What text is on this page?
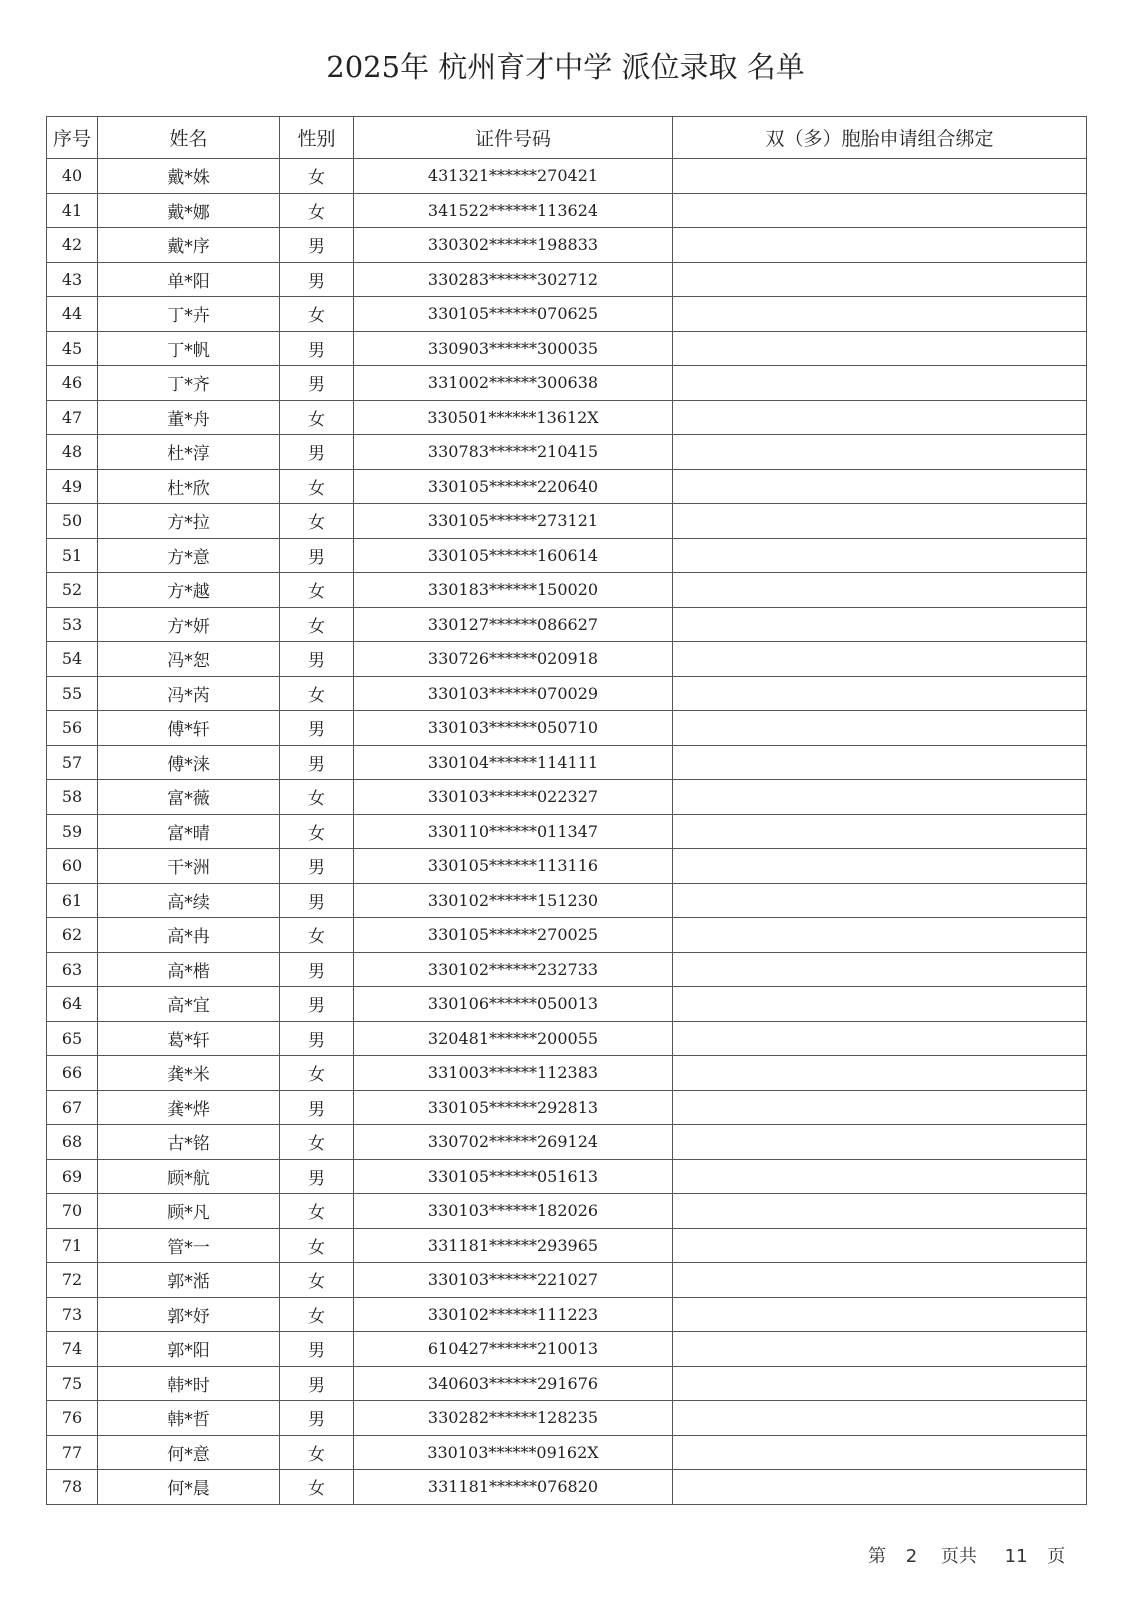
2025年 杭州育才中学 派位录取 名单
序号	姓名	性别	证件号码	双（多）胞胎申请组合绑定
40	戴*姝	女	431321******270421	
41	戴*娜	女	341522******113624	
42	戴*序	男	330302******198833	
43	单*阳	男	330283******302712	
44	丁*卉	女	330105******070625	
45	丁*帆	男	330903******300035	
46	丁*齐	男	331002******300638	
47	董*舟	女	330501******13612X	
48	杜*淳	男	330783******210415	
49	杜*欣	女	330105******220640	
50	方*拉	女	330105******273121	
51	方*意	男	330105******160614	
52	方*越	女	330183******150020	
53	方*妍	女	330127******086627	
54	冯*恕	男	330726******020918	
55	冯*芮	女	330103******070029	
56	傅*轩	男	330103******050710	
57	傅*涞	男	330104******114111	
58	富*薇	女	330103******022327	
59	富*晴	女	330110******011347	
60	干*洲	男	330105******113116	
61	高*续	男	330102******151230	
62	高*冉	女	330105******270025	
63	高*楷	男	330102******232733	
64	高*宜	男	330106******050013	
65	葛*轩	男	320481******200055	
66	龚*米	女	331003******112383	
67	龚*烨	男	330105******292813	
68	古*铭	女	330702******269124	
69	顾*航	男	330105******051613	
70	顾*凡	女	330103******182026	
71	管*一	女	331181******293965	
72	郭*湉	女	330103******221027	
73	郭*妤	女	330102******111223	
74	郭*阳	男	610427******210013	
75	韩*时	男	340603******291676	
76	韩*哲	男	330282******128235	
77	何*意	女	330103******09162X	
78	何*晨	女	331181******076820	
第 2 页共 11 页
